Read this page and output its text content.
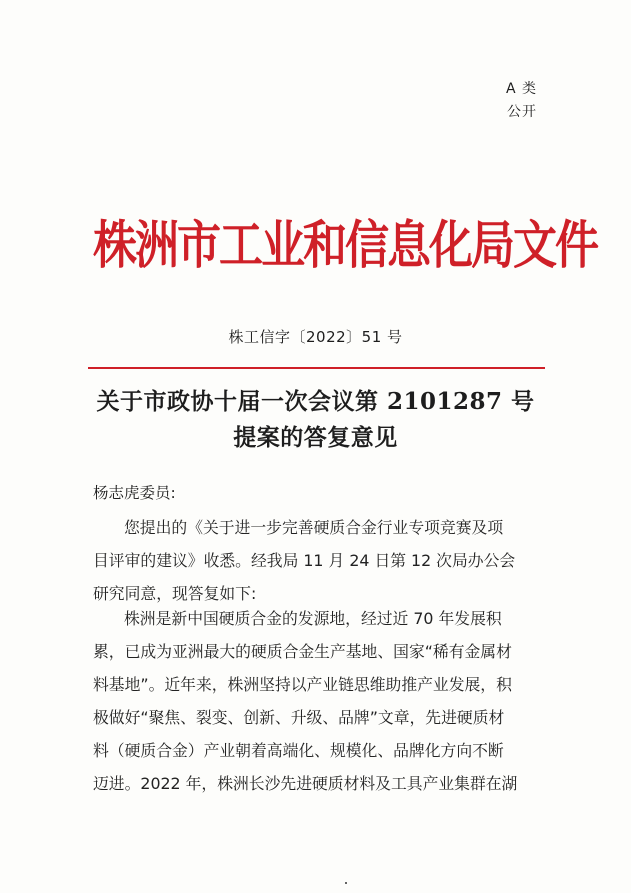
A 类
公开
株洲市工业和信息化局文件
株工信字〔2022〕51 号
关于市政协十届一次会议第 2101287 号
提案的答复意见
杨志虎委员:
您提出的《关于进一步完善硬质合金行业专项竞赛及项
目评审的建议》收悉。经我局 11 月 24 日第 12 次局办公会
研究同意，现答复如下:
株洲是新中国硬质合金的发源地，经过近 70 年发展积
累，已成为亚洲最大的硬质合金生产基地、国家“稀有金属材
料基地”。近年来，株洲坚持以产业链思维助推产业发展，积
极做好“聚焦、裂变、创新、升级、品牌”文章，先进硬质材
料（硬质合金）产业朝着高端化、规模化、品牌化方向不断
迈进。2022 年，株洲长沙先进硬质材料及工具产业集群在湖
